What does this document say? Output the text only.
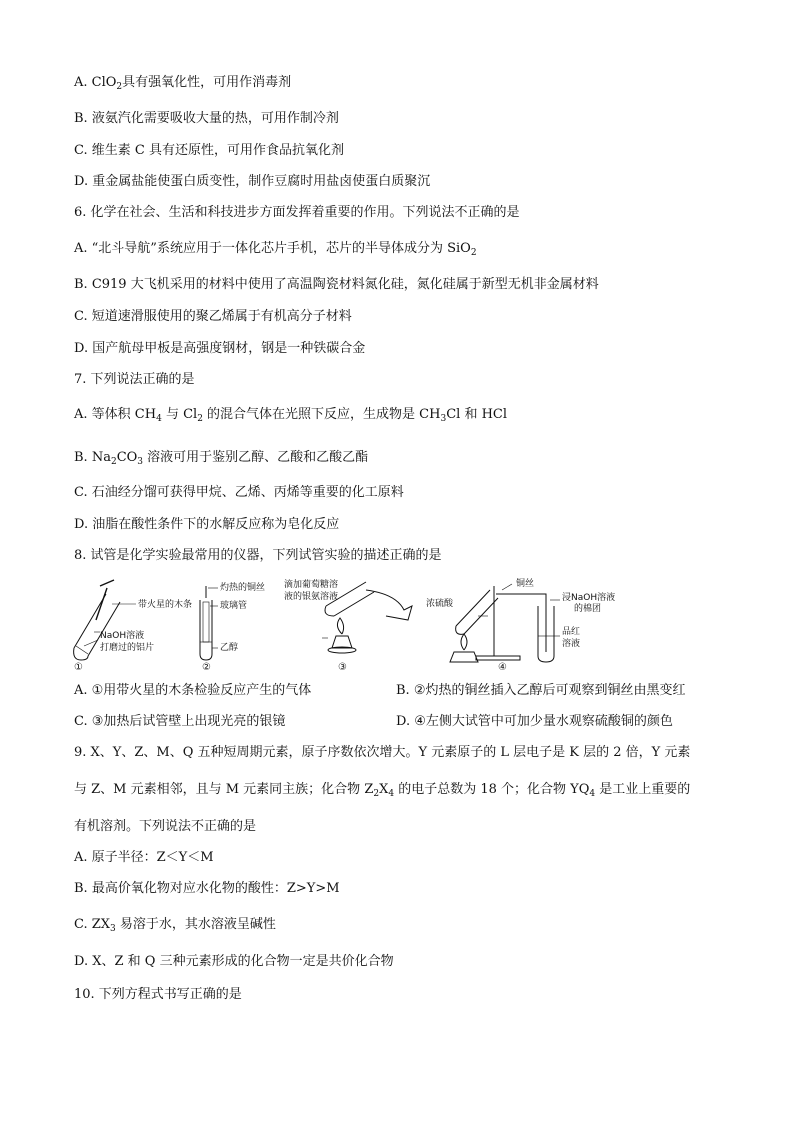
A. ClO$_2$具有强氧化性，可用作消毒剂
B. 液氨汽化需要吸收大量的热，可用作制冷剂
C. 维生素 C 具有还原性，可用作食品抗氧化剂
D. 重金属盐能使蛋白质变性，制作豆腐时用盐卤使蛋白质聚沉
6. 化学在社会、生活和科技进步方面发挥着重要的作用。下列说法不正确的是
A. “北斗导航”系统应用于一体化芯片手机，芯片的半导体成分为 SiO$_2$
B. C919 大飞机采用的材料中使用了高温陶瓷材料氮化硅，氮化硅属于新型无机非金属材料
C. 短道速滑服使用的聚乙烯属于有机高分子材料
D. 国产航母甲板是高强度钢材，钢是一种铁碳合金
7. 下列说法正确的是
A. 等体积 $CH_4$ 与 $Cl_2$ 的混合气体在光照下反应，生成物是 $CH_3Cl$ 和 HCl
B. $Na_2CO_3$ 溶液可用于鉴别乙醇、乙酸和乙酸乙酯
C. 石油经分馏可获得甲烷、乙烯、丙烯等重要的化工原料
D. 油脂在酸性条件下的水解反应称为皂化反应
8. 试管是化学实验最常用的仪器，下列试管实验的描述正确的是
带火星的木条
NaOH溶液
打磨过的铝片
①
灼热的铜丝
玻璃管
乙醇
②
滴加葡萄糖溶
液的银氨溶液
③
浓硫酸
铜丝
浸NaOH溶液
的棉团
品红
溶液
④
A. ①用带火星的木条检验反应产生的气体	B. ②灼热的铜丝插入乙醇后可观察到铜丝由黑变红
C. ③加热后试管壁上出现光亮的银镜	D. ④左侧大试管中可加少量水观察硫酸铜的颜色
9. X、Y、Z、M、Q 五种短周期元素，原子序数依次增大。Y 元素原子的 L 层电子是 K 层的 2 倍，Y 元素
与 Z、M 元素相邻，且与 M 元素同主族；化合物 $Z_2X_4$ 的电子总数为 18 个；化合物 $YQ_4$ 是工业上重要的
有机溶剂。下列说法不正确的是
A. 原子半径：Z＜Y＜M
B. 最高价氧化物对应水化物的酸性：Z>Y>M
C. $ZX_3$ 易溶于水，其水溶液呈碱性
D. X、Z 和 Q 三种元素形成的化合物一定是共价化合物
10. 下列方程式书写正确的是
